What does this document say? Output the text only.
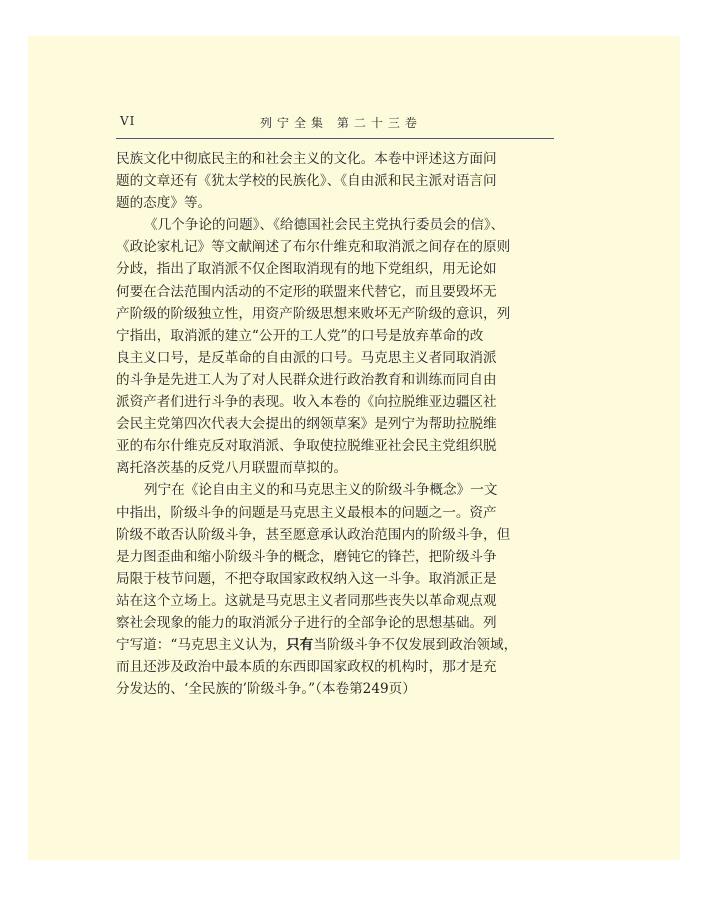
VI	列宁全集 第二十三卷
民族文化中彻底民主的和社会主义的文化。本卷中评述这方面问
题的文章还有《犹太学校的民族化》、《自由派和民主派对语言问
题的态度》等。
《几个争论的问题》、《给德国社会民主党执行委员会的信》、
《政论家札记》等文献阐述了布尔什维克和取消派之间存在的原则
分歧，指出了取消派不仅企图取消现有的地下党组织，用无论如
何要在合法范围内活动的不定形的联盟来代替它，而且要毁坏无
产阶级的阶级独立性，用资产阶级思想来败坏无产阶级的意识，列
宁指出，取消派的建立“公开的工人党”的口号是放弃革命的改
良主义口号，是反革命的自由派的口号。马克思主义者同取消派
的斗争是先进工人为了对人民群众进行政治教育和训练而同自由
派资产者们进行斗争的表现。收入本卷的《向拉脱维亚边疆区社
会民主党第四次代表大会提出的纲领草案》是列宁为帮助拉脱维
亚的布尔什维克反对取消派、争取使拉脱维亚社会民主党组织脱
离托洛茨基的反党八月联盟而草拟的。
列宁在《论自由主义的和马克思主义的阶级斗争概念》一文
中指出，阶级斗争的问题是马克思主义最根本的问题之一。资产
阶级不敢否认阶级斗争，甚至愿意承认政治范围内的阶级斗争，但
是力图歪曲和缩小阶级斗争的概念，磨钝它的锋芒，把阶级斗争
局限于枝节问题，不把夺取国家政权纳入这一斗争。取消派正是
站在这个立场上。这就是马克思主义者同那些丧失以革命观点观
察社会现象的能力的取消派分子进行的全部争论的思想基础。列
宁写道：“马克思主义认为，只有当阶级斗争不仅发展到政治领域，
而且还涉及政治中最本质的东西即国家政权的机构时，那才是充
分发达的、‘全民族的’阶级斗争。”（本卷第249页）
